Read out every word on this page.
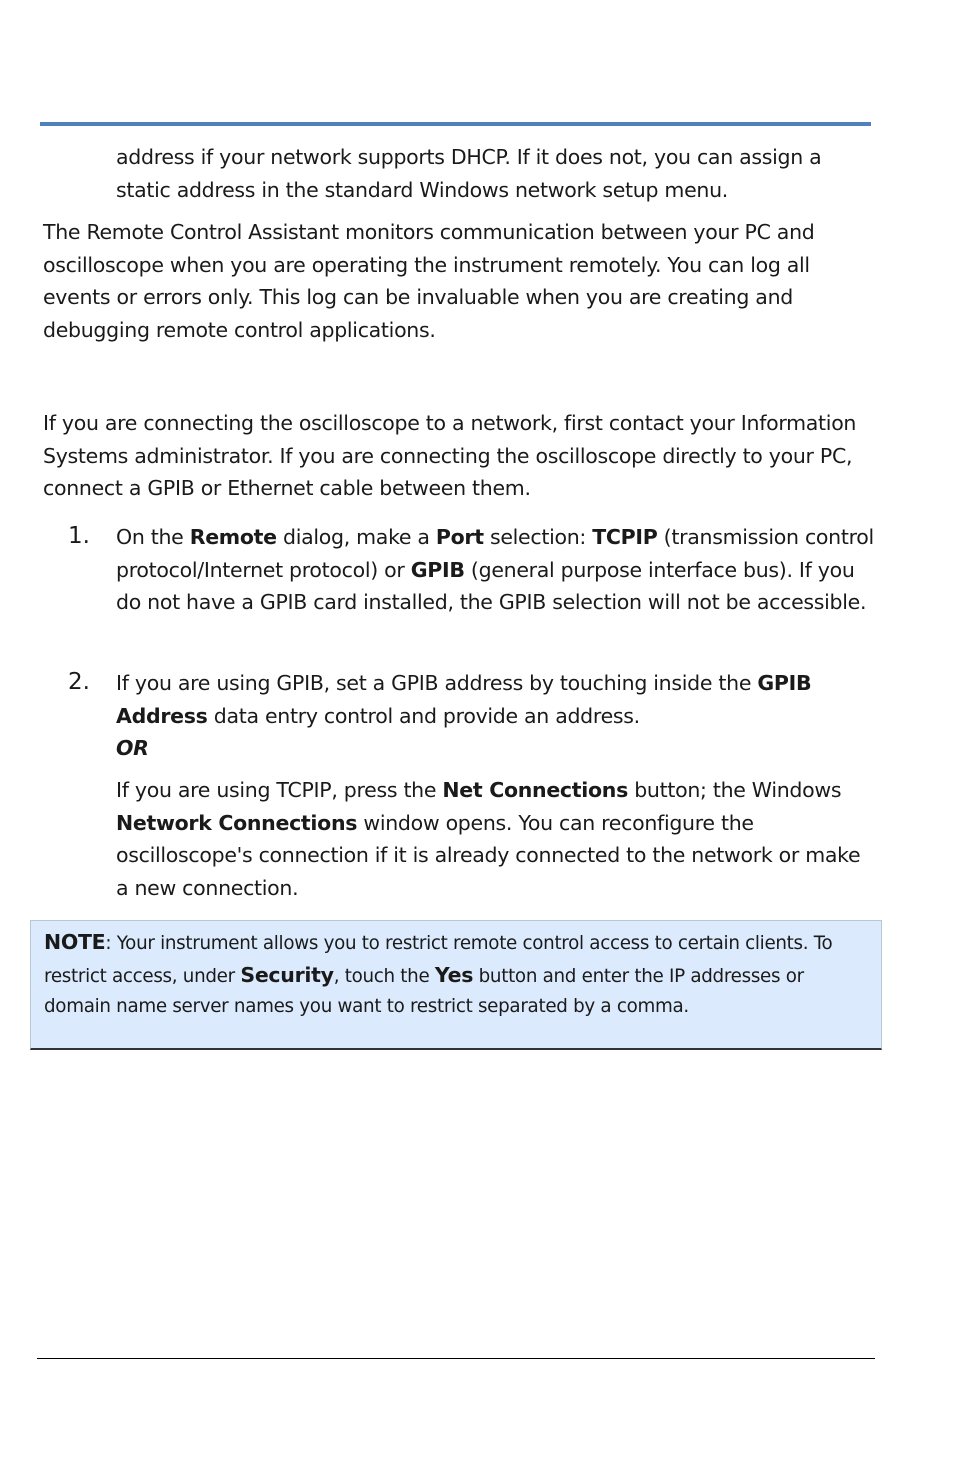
address if your network supports DHCP. If it does not, you can assign a static address in the standard Windows network setup menu.

The Remote Control Assistant monitors communication between your PC and oscilloscope when you are operating the instrument remotely. You can log all events or errors only. This log can be invaluable when you are creating and debugging remote control applications.

If you are connecting the oscilloscope to a network, first contact your Information Systems administrator. If you are connecting the oscilloscope directly to your PC, connect a GPIB or Ethernet cable between them.

1. On the Remote dialog, make a Port selection: TCPIP (transmission control protocol/Internet protocol) or GPIB (general purpose interface bus). If you do not have a GPIB card installed, the GPIB selection will not be accessible.

2. If you are using GPIB, set a GPIB address by touching inside the GPIB Address data entry control and provide an address.
OR

If you are using TCPIP, press the Net Connections button; the Windows Network Connections window opens. You can reconfigure the oscilloscope's connection if it is already connected to the network or make a new connection.

NOTE: Your instrument allows you to restrict remote control access to certain clients. To restrict access, under Security, touch the Yes button and enter the IP addresses or domain name server names you want to restrict separated by a comma.
